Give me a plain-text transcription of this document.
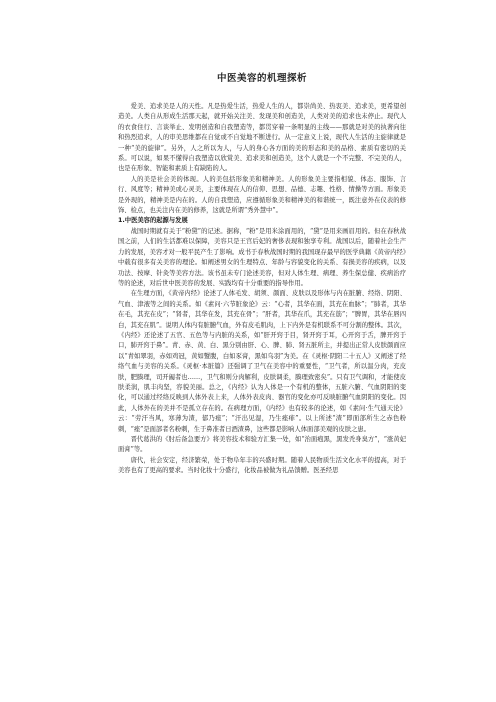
中医美容的机理探析

爱美、追求美是人的天性。凡是热爱生活，热爱人生的人，都崇尚美、热衷美、追求美，更希望创造美。人类自从形成生活那天起，就开始关注美、发现美和创造美，人类对美的追求也未停止。现代人的衣食住行、言谈举止、发明创造和自我塑造等，都贯穿着一条明显的主线——那就是对美的执著向往和热烈追求，人的审美思维都在自觉或不自觉地不断进行。从一定意义上说，现代人生活的主旋律就是一种“美的旋律”。另外，人之所以为人，与人的身心各方面的美的形态和美的品格、素质有密切的关系。可以说，如果不懂得自我塑造以欣赏美、追求美和创造美，这个人就是一个不完整、不完美的人，也是在形象、智能和素质上有缺陷的人。

人的美是社会美的体现。人的美包括形象美和精神美。人的形象美主要指相貌、体态、服饰、言行、风度等；精神美或心灵美，主要体现在人的信仰、思想、品德、志趣、性格、情操等方面。形象美是外现的，精神美是内在的。人的自我塑造，应遵循形象美和精神美的和谐统一，既注意外在仪表的修饰、检点，也关注内在美的修养，这就是所谓“秀外慧中”。

1.中医美容的起源与发展

战国时期就有关于“粉黛”的记述。据称，“粉”是用米涂面用的，“黛”是用来画眉用的。但在春秋战国之前，人们的生活都难以保障，美容只是王宫后妃的奢侈表现和独享专利。战国以后，随着社会生产力的发展，美容才对一般平民产生了影响。成书于春秋战国时期的我国现存最早的医学典籍《黄帝内经》中载有很多有关美容的理论。如阐述男女的生理特点、年龄与容貌变化的关系、有损美容的疾病，以及功法、按摩、针灸等美容方法。该书虽未专门论述美容，但对人体生理、病理、养生保总健、疾病治疗等的论述，对后世中医美容的发展、实践均有十分重要的指导作用。

在生理方面，《黄帝内经》论述了人体毛发、胡须、颜面、皮肤以及形体与内在脏腑、经络、阴阳、气血、津液等之间的关系。如《素问·六节脏象论》云：“心者，其华在面，其充在血脉”；“肺者，其华在毛，其充在皮”；“肾者，其华在发，其充在骨”；“肝者，其华在爪，其充在筋”；“脾胃，其华在唇四白，其充在肌”。说明人体内有脏腑气血，外有皮毛肌肉，上下内外是有机联系不可分割的整体。其次，《内经》还论述了五官、五色等与内脏的关系，如“肝开窍于目，肾开窍于耳，心开窍于舌，脾开窍于口，肺开窍于鼻”。青、赤、黄、白、黑分别由肝、心、脾、肺、肾五脏所主，并提出正常人皮肤颜面应以“青如翠羽，赤如鸡冠，黄如蟹腹，白如豕膏，黑如乌羽”为美。在《灵枢·阴阳二十五人》又阐述了经络气血与美容的关系。《灵枢·本脏篇》还强调了卫气在美容中的重要性，“卫气者，所以温分肉，充皮肤，肥腠理，司开阖者也……，卫气和则分肉解利，皮肤调柔，腠理致密矣”。只有卫气调和，才能使皮肤柔润，肌丰肉坚，容貌美丽。总之，《内经》认为人体是一个有机的整体，五脏六腑、气血阴阳的变化，可以通过经络反映到人体外表上来，人体外表皮肉、器官的变化亦可反映脏腑气血阴阳的变化。因此，人体外在的美并不是孤立存在的。在病理方面，《内经》也有较多的论述，如《素问·生气通天论》云：“劳汗当风，寒薄为渣，郁乃痤”；“汗出见湿，乃生痤痱”。以上所述“渣”即面部所生之赤色粉刺，“痤”是面部者名粉刺，生于鼻准者日酒渣鼻，这些都是影响人体面部美观的皮肤之患。

晋代葛洪的《肘后备急要方》将美容技术和验方汇集一处，如“治面疱黑，黑发秃身臭方”，“涨黄妃面膏”等。

唐代，社会安定，经济繁荣，处于物阜年丰的兴盛时期。随着人民物质生活文化水平的提高，对于美容也有了更高的要求。当时化妆十分盛行，化妆品被做为礼品馈赠。医圣经思
